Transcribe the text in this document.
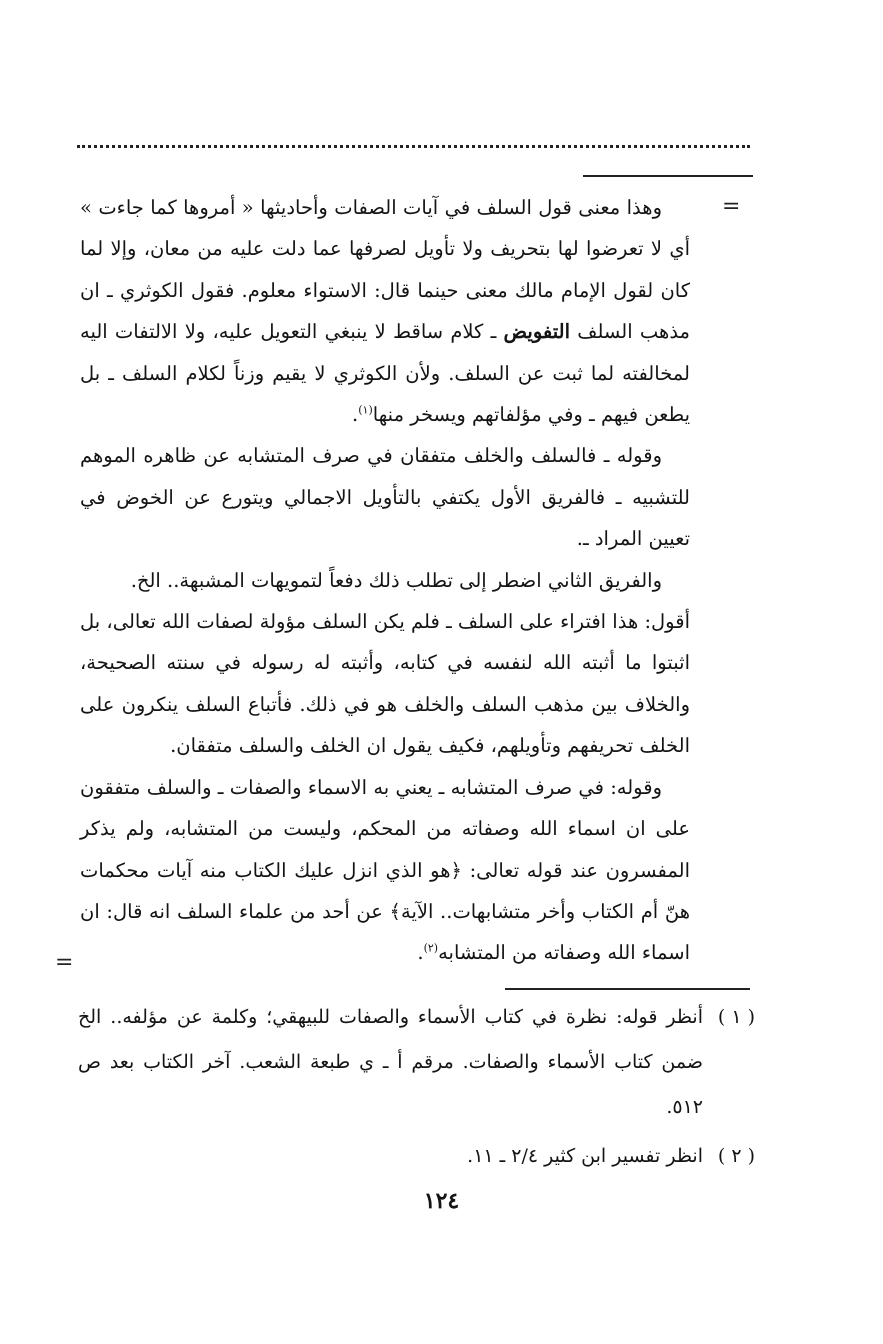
=
=

وهذا معنى قول السلف في آيات الصفات وأحاديثها « أمروها كما جاءت » أي لا تعرضوا لها بتحريف ولا تأويل لصرفها عما دلت عليه من معان، وإلا لما كان لقول الإمام مالك معنى حينما قال: الاستواء معلوم. فقول الكوثري ـ ان مذهب السلف التفويض ـ كلام ساقط لا ينبغي التعويل عليه، ولا الالتفات اليه لمخالفته لما ثبت عن السلف. ولأن الكوثري لا يقيم وزناً لكلام السلف ـ بل يطعن فيهم ـ وفي مؤلفاتهم ويسخر منها$^{(١)}$.

وقوله ـ فالسلف والخلف متفقان في صرف المتشابه عن ظاهره الموهم للتشبيه ـ فالفريق الأول يكتفي بالتأويل الاجمالي ويتورع عن الخوض في تعيين المراد ـ.

والفريق الثاني اضطر إلى تطلب ذلك دفعاً لتمويهات المشبهة.. الخ.

أقول: هذا افتراء على السلف ـ فلم يكن السلف مؤولة لصفات الله تعالى، بل اثبتوا ما أثبته الله لنفسه في كتابه، وأثبته له رسوله في سنته الصحيحة، والخلاف بين مذهب السلف والخلف هو في ذلك. فأتباع السلف ينكرون على الخلف تحريفهم وتأويلهم، فكيف يقول ان الخلف والسلف متفقان.

وقوله: في صرف المتشابه ـ يعني به الاسماء والصفات ـ والسلف متفقون على ان اسماء الله وصفاته من المحكم، وليست من المتشابه، ولم يذكر المفسرون عند قوله تعالى: ﴿هو الذي انزل عليك الكتاب منه آيات محكمات هنّ أم الكتاب وأخر متشابهات.. الآية﴾ عن أحد من علماء السلف انه قال: ان اسماء الله وصفاته من المتشابه$^{(٢)}$.

( ١ )
أنظر قوله: نظرة في كتاب الأسماء والصفات للبيهقي؛ وكلمة عن مؤلفه.. الخ ضمن كتاب الأسماء والصفات. مرقم أ ـ ي طبعة الشعب. آخر الكتاب بعد ص ٥١٢.
( ٢ )
انظر تفسير ابن كثير ٢/٤ ـ ١١.
١٢٤
